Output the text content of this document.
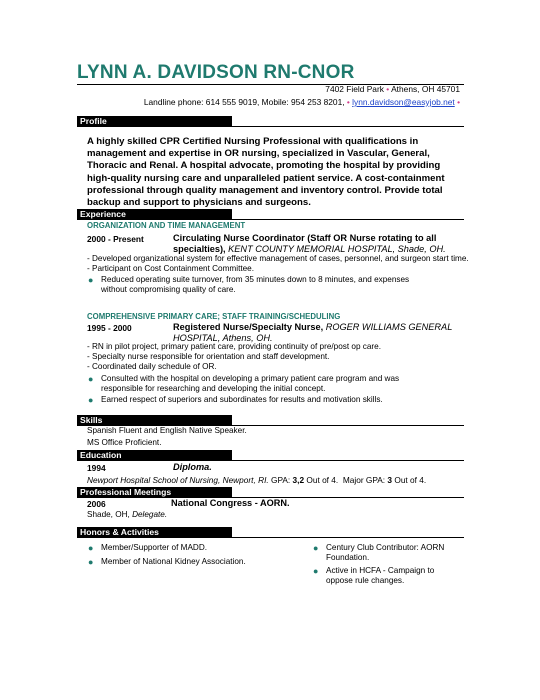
LYNN A. DAVIDSON RN-CNOR
7402 Field Park • Athens, OH 45701
Landline phone: 614 555 9019, Mobile: 954 253 8201, • lynn.davidson@easyjob.net •
Profile
A highly skilled CPR Certified Nursing Professional with qualifications in management and expertise in OR nursing, specialized in Vascular, General, Thoracic and Renal. A hospital advocate, promoting the hospital by providing high-quality nursing care and unparalleled patient service. A cost-containment professional through quality management and inventory control. Provide total backup and support to physicians and surgeons.
Experience
ORGANIZATION AND TIME MANAGEMENT
2000 - Present	Circulating Nurse Coordinator (Staff OR Nurse rotating to all specialties), KENT COUNTY MEMORIAL HOSPITAL, Shade, OH.
- Developed organizational system for effective management of cases, personnel, and surgeon start time.
- Participant on Cost Containment Committee.
● Reduced operating suite turnover, from 35 minutes down to 8 minutes, and expenses without compromising quality of care.
COMPREHENSIVE PRIMARY CARE; STAFF TRAINING/SCHEDULING
1995 - 2000	Registered Nurse/Specialty Nurse, ROGER WILLIAMS GENERAL HOSPITAL, Athens, OH.
- RN in pilot project, primary patient care, providing continuity of pre/post op care.
- Specialty nurse responsible for orientation and staff development.
- Coordinated daily schedule of OR.
● Consulted with the hospital on developing a primary patient care program and was responsible for researching and developing the initial concept.
● Earned respect of superiors and subordinates for results and motivation skills.
Skills
Spanish Fluent and English Native Speaker.
MS Office Proficient.
Education
1994	Diploma.
Newport Hospital School of Nursing, Newport, RI. GPA: 3,2 Out of 4. Major GPA: 3 Out of 4.
Professional Meetings
2006	National Congress - AORN.
Shade, OH, Delegate.
Honors & Activities
● Member/Supporter of MADD.
● Member of National Kidney Association.
● Century Club Contributor: AORN Foundation.
● Active in HCFA - Campaign to oppose rule changes.
